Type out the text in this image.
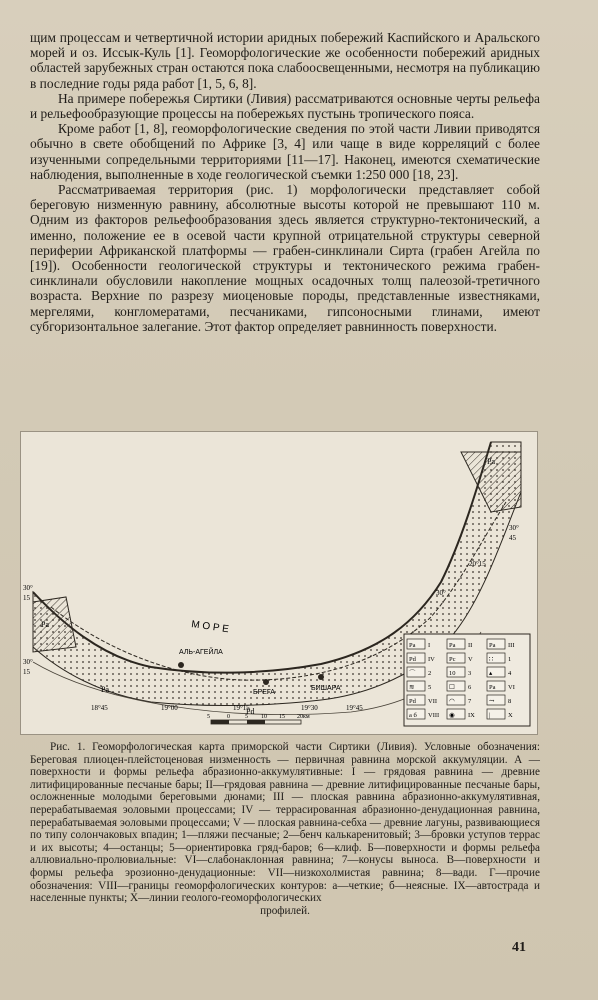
щим процессам и четвертичной истории аридных побережий Каспийского и Аральского морей и оз. Иссык-Куль [1]. Геоморфологические же особенности побережий аридных областей зарубежных стран остаются пока слабоосвещенными, несмотря на публикацию в последние годы ряда работ [1, 5, 6, 8].

На примере побережья Сиртики (Ливия) рассматриваются основные черты рельефа и рельефообразующие процессы на побережьях пустынь тропического пояса.

Кроме работ [1, 8], геоморфологические сведения по этой части Ливии приводятся обычно в свете обобщений по Африке [3, 4] или чаще в виде корреляций с более изученными сопредельными территориями [11—17]. Наконец, имеются схематические наблюдения, выполненные в ходе геологической съемки 1:250 000 [18, 23].

Рассматриваемая территория (рис. 1) морфологически представляет собой береговую низменную равнину, абсолютные высоты которой не превышают 110 м. Одним из факторов рельефообразования здесь является структурно-тектонический, а именно, положение ее в осевой части крупной отрицательной структуры северной периферии Африканской платформы — грабен-синклинали Сирта (грабен Агейла по [19]). Особенности геологической структуры и тектонического режима грабен-синклинали обусловили накопление мощных осадочных толщ палеозой-третичного возраста. Верхние по разрезу миоценовые породы, представленные известняками, мергелями, конгломератами, песчаниками, гипсоносными глинами, имеют субгоризонтальное залегание. Этот фактор определяет равнинность поверхности.

АЛЬ-АГЕЙЛА
БРЕГА
БИШАРА
М О Р Е
Pa
Pa
Pd
Pa
18°45	19°00	19°15	19°30	19°45
30°
15
30°
15
30°
45
20°15
30°
Pa I	Pa II	Pa III
Pd IV Pc V	∷ 1
⌒ 2	10 3	▴ 4
≋ 5	☐ 6	Pa VI
Pd VII ◠ 7	⤳ 8
a б VIII ◉ IX |	X
5	0	5 10 15 20км

Рис. 1. Геоморфологическая карта приморской части Сиртики (Ливия). Условные обозначения: Береговая плиоцен-плейстоценовая низменность — первичная равнина морской аккумуляции. А — поверхности и формы рельефа абразионно-аккумулятивные: I — грядовая равнина — древние литифицированные песчаные бары; II—грядовая равнина — древние литифицированные песчаные бары, осложненные молодыми береговыми дюнами; III — плоская равнина абразионно-аккумулятивная, перерабатываемая эоловыми процессами; IV — террасированная абразионно-денудационная равнина, перерабатываемая эоловыми процессами; V — плоская равнина-себха — древние лагуны, развивающиеся по типу солончаковых впадин; 1—пляжи песчаные; 2—бенч калькаренитовый; 3—бровки уступов террас и их высоты; 4—останцы; 5—ориентировка гряд-баров; 6—клиф. Б—поверхности и формы рельефа аллювиально-пролювиальные: VI—слабонаклонная равнина; 7—конусы выноса. В—поверхности и формы рельефа эрозионно-денудационные: VII—низкохолмистая равнина; 8—вади. Г—прочие обозначения: VIII—границы геоморфологических контуров: а—четкие; б—неясные. IX—автострада и населенные пункты; X—линии геолого-геоморфологических

профилей.

41
